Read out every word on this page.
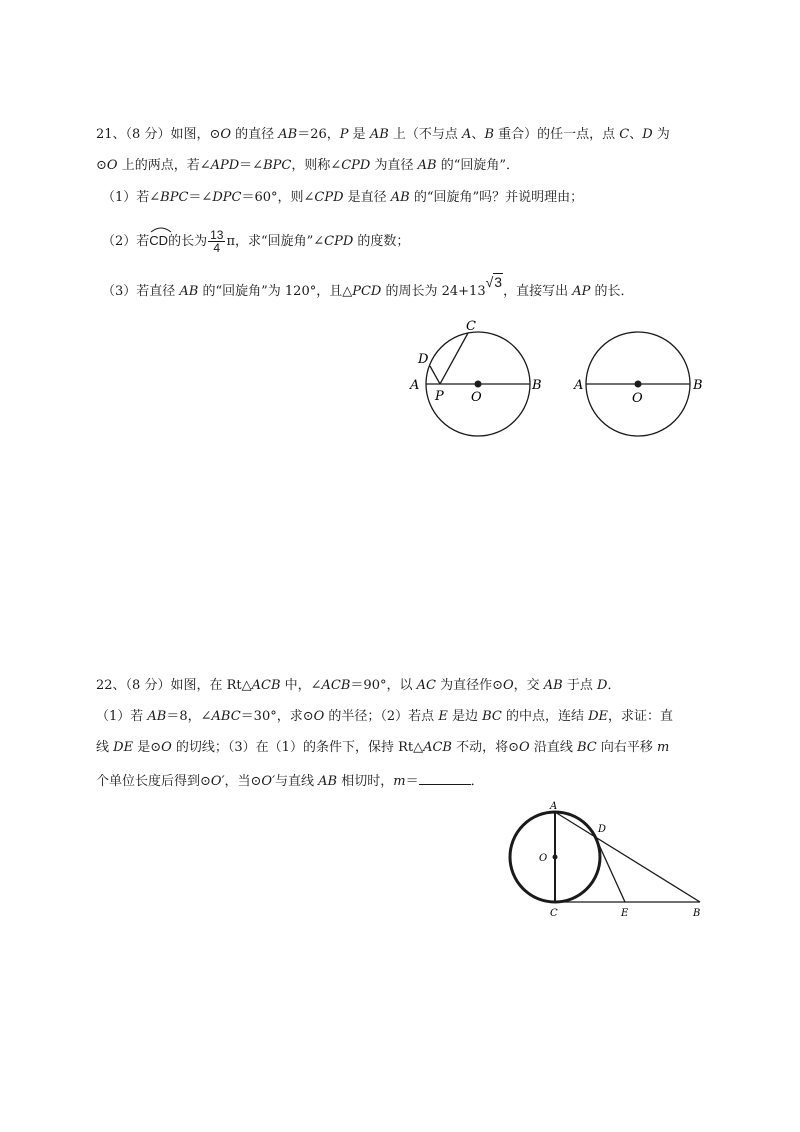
21、（8 分）如图，⊙O 的直径 AB＝26，P 是 AB 上（不与点 A、B 重合）的任一点，点 C、D 为
⊙O 上的两点，若∠APD＝∠BPC，则称∠CPD 为直径 AB 的“回旋角”．
（1）若∠BPC＝∠DPC＝60°，则∠CPD 是直径 AB 的“回旋角”吗？并说明理由；
（2）若
CD的长为 $\frac{13}{4}$ π，求“回旋角”∠CPD 的度数；
（3）若直径 AB 的“回旋角”为 120°，且△PCD 的周长为 24+13√3，直接写出 AP 的长．
A	B
C
D
P O
A	B
O
22、（8 分）如图，在 Rt△ACB 中，∠ACB＝90°，以 AC 为直径作⊙O，交 AB 于点 D．
（1）若 AB＝8，∠ABC＝30°，求⊙O 的半径；（2）若点 E 是边 BC 的中点，连结 DE，求证：直
线 DE 是⊙O 的切线；（3）在（1）的条件下，保持 Rt△ACB 不动，将⊙O 沿直线 BC 向右平移 m
个单位长度后得到⊙O′，当⊙O′与直线 AB 相切时，m＝	．
A
D
O
C	E	B
